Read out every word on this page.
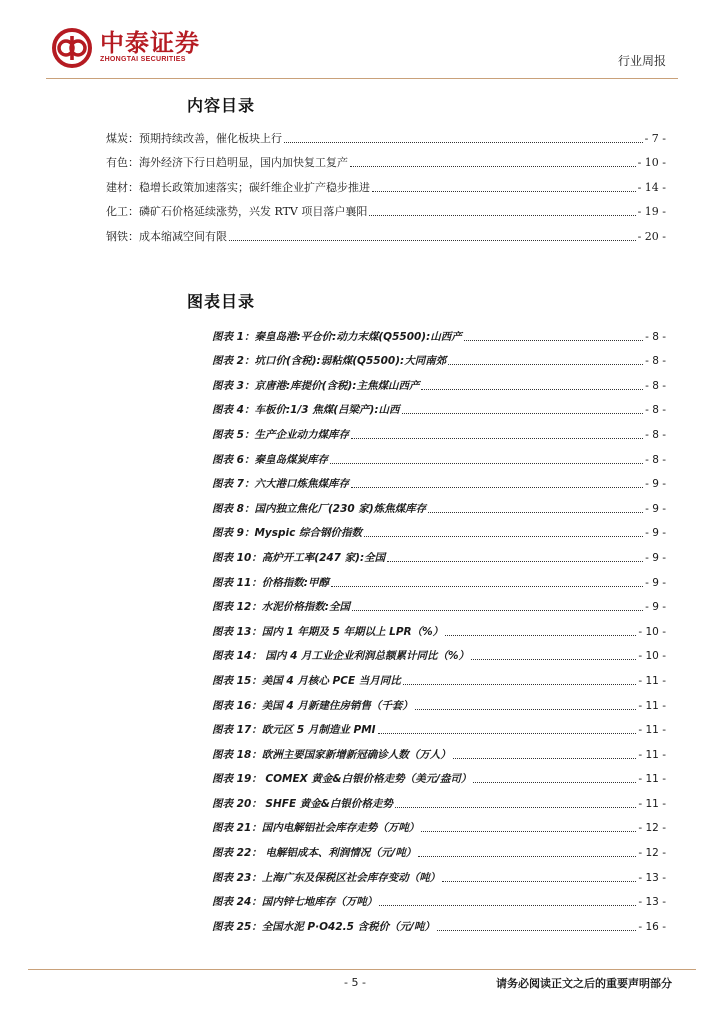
中泰证券
ZHONGTAI SECURITIES	行业周报
内容目录
煤炭：预期持续改善，催化板块上行	- 7 -
有色：海外经济下行日趋明显，国内加快复工复产	- 10 -
建材：稳增长政策加速落实；碳纤维企业扩产稳步推进	- 14 -
化工：磷矿石价格延续涨势，兴发 RTV 项目落户襄阳	- 19 -
钢铁：成本缩减空间有限	- 20 -
图表目录
图表 1：秦皇岛港:平仓价:动力末煤(Q5500):山西产	- 8 -
图表 2：坑口价(含税):弱粘煤(Q5500):大同南郊	- 8 -
图表 3：京唐港:库提价(含税):主焦煤山西产	- 8 -
图表 4：车板价:1/3 焦煤(吕梁产):山西	- 8 -
图表 5：生产企业动力煤库存	- 8 -
图表 6：秦皇岛煤炭库存	- 8 -
图表 7：六大港口炼焦煤库存	- 9 -
图表 8：国内独立焦化厂(230 家)炼焦煤库存	- 9 -
图表 9：Myspic 综合钢价指数	- 9 -
图表 10：高炉开工率(247 家):全国	- 9 -
图表 11：价格指数:甲醇	- 9 -
图表 12：水泥价格指数:全国	- 9 -
图表 13：国内 1 年期及 5 年期以上 LPR（%）	- 10 -
图表 14： 国内 4 月工业企业利润总额累计同比（%）	- 10 -
图表 15：美国 4 月核心 PCE 当月同比	- 11 -
图表 16：美国 4 月新建住房销售（千套）	- 11 -
图表 17：欧元区 5 月制造业 PMI	- 11 -
图表 18：欧洲主要国家新增新冠确诊人数（万人）	- 11 -
图表 19： COMEX 黄金&白银价格走势（美元/盎司）	- 11 -
图表 20： SHFE 黄金&白银价格走势	- 11 -
图表 21：国内电解铝社会库存走势（万吨）	- 12 -
图表 22： 电解铝成本、利润情况（元/吨）	- 12 -
图表 23：上海广东及保税区社会库存变动（吨）	- 13 -
图表 24：国内锌七地库存（万吨）	- 13 -
图表 25：全国水泥 P·O42.5 含税价（元/吨）	- 16 -
- 5 -	请务必阅读正文之后的重要声明部分
